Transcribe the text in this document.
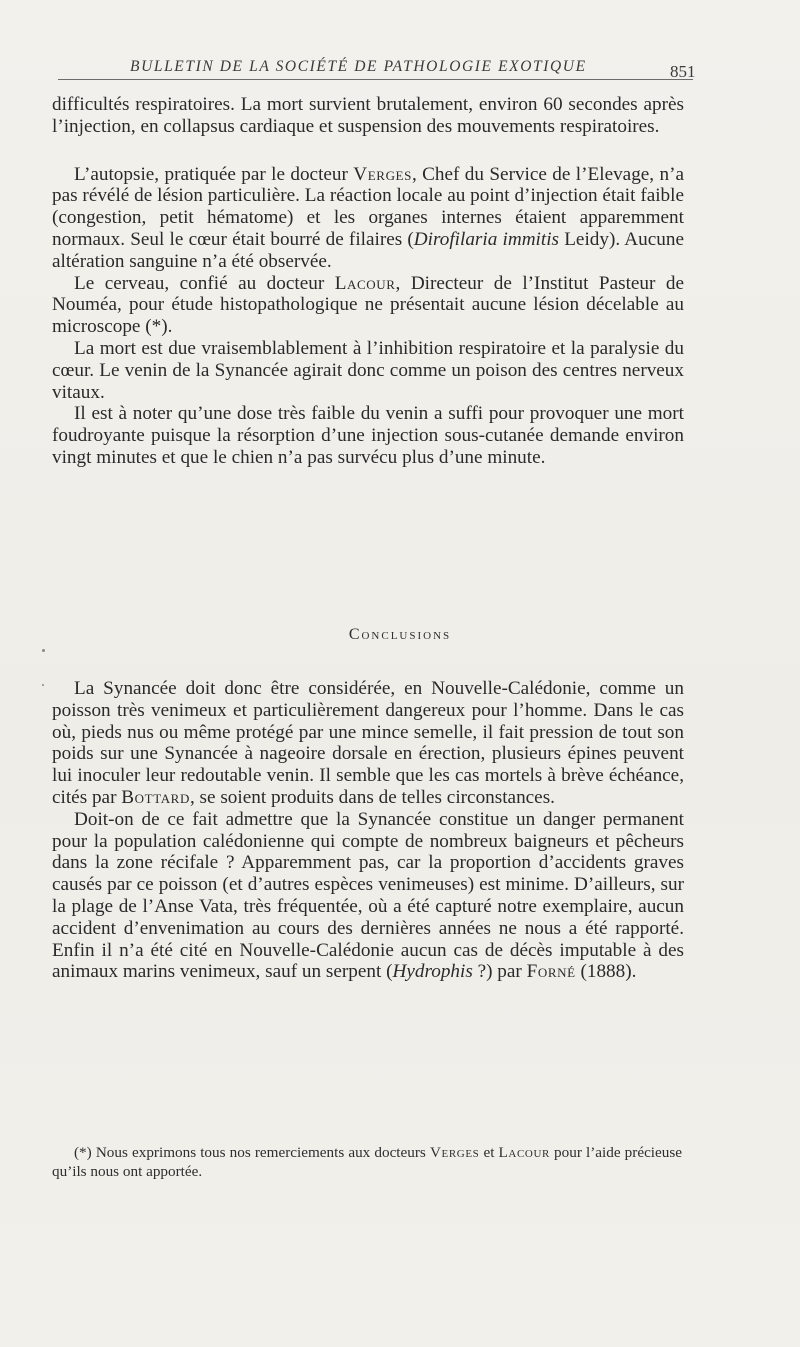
BULLETIN DE LA SOCIÉTÉ DE PATHOLOGIE EXOTIQUE	851

difficultés respiratoires. La mort survient brutalement, environ 60 secondes après l’injection, en collapsus cardiaque et suspension des mouvements respiratoires.

L’autopsie, pratiquée par le docteur Verges, Chef du Service de l’Elevage, n’a pas révélé de lésion particulière. La réaction locale au point d’injection était faible (congestion, petit hématome) et les organes internes étaient apparemment normaux. Seul le cœur était bourré de filaires (Dirofilaria immitis Leidy). Aucune altération sanguine n’a été observée.

Le cerveau, confié au docteur Lacour, Directeur de l’Institut Pasteur de Nouméa, pour étude histopathologique ne présentait aucune lésion décelable au microscope (*).

La mort est due vraisemblablement à l’inhibition respiratoire et la paralysie du cœur. Le venin de la Synancée agirait donc comme un poison des centres nerveux vitaux.

Il est à noter qu’une dose très faible du venin a suffi pour provoquer une mort foudroyante puisque la résorption d’une injection sous-cutanée demande environ vingt minutes et que le chien n’a pas survécu plus d’une minute.

Conclusions

La Synancée doit donc être considérée, en Nouvelle-Calédonie, comme un poisson très venimeux et particulièrement dangereux pour l’homme. Dans le cas où, pieds nus ou même protégé par une mince semelle, il fait pression de tout son poids sur une Synancée à nageoire dorsale en érection, plusieurs épines peuvent lui inoculer leur redoutable venin. Il semble que les cas mortels à brève échéance, cités par Bottard, se soient produits dans de telles circonstances.

Doit-on de ce fait admettre que la Synancée constitue un danger permanent pour la population calédonienne qui compte de nombreux baigneurs et pêcheurs dans la zone récifale ? Apparemment pas, car la proportion d’accidents graves causés par ce poisson (et d’autres espèces venimeuses) est minime. D’ailleurs, sur la plage de l’Anse Vata, très fréquentée, où a été capturé notre exemplaire, aucun accident d’envenimation au cours des dernières années ne nous a été rapporté. Enfin il n’a été cité en Nouvelle-Calédonie aucun cas de décès imputable à des animaux marins venimeux, sauf un serpent (Hydrophis ?) par Forné (1888).

(*) Nous exprimons tous nos remerciements aux docteurs Verges et Lacour pour l’aide précieuse qu’ils nous ont apportée.
